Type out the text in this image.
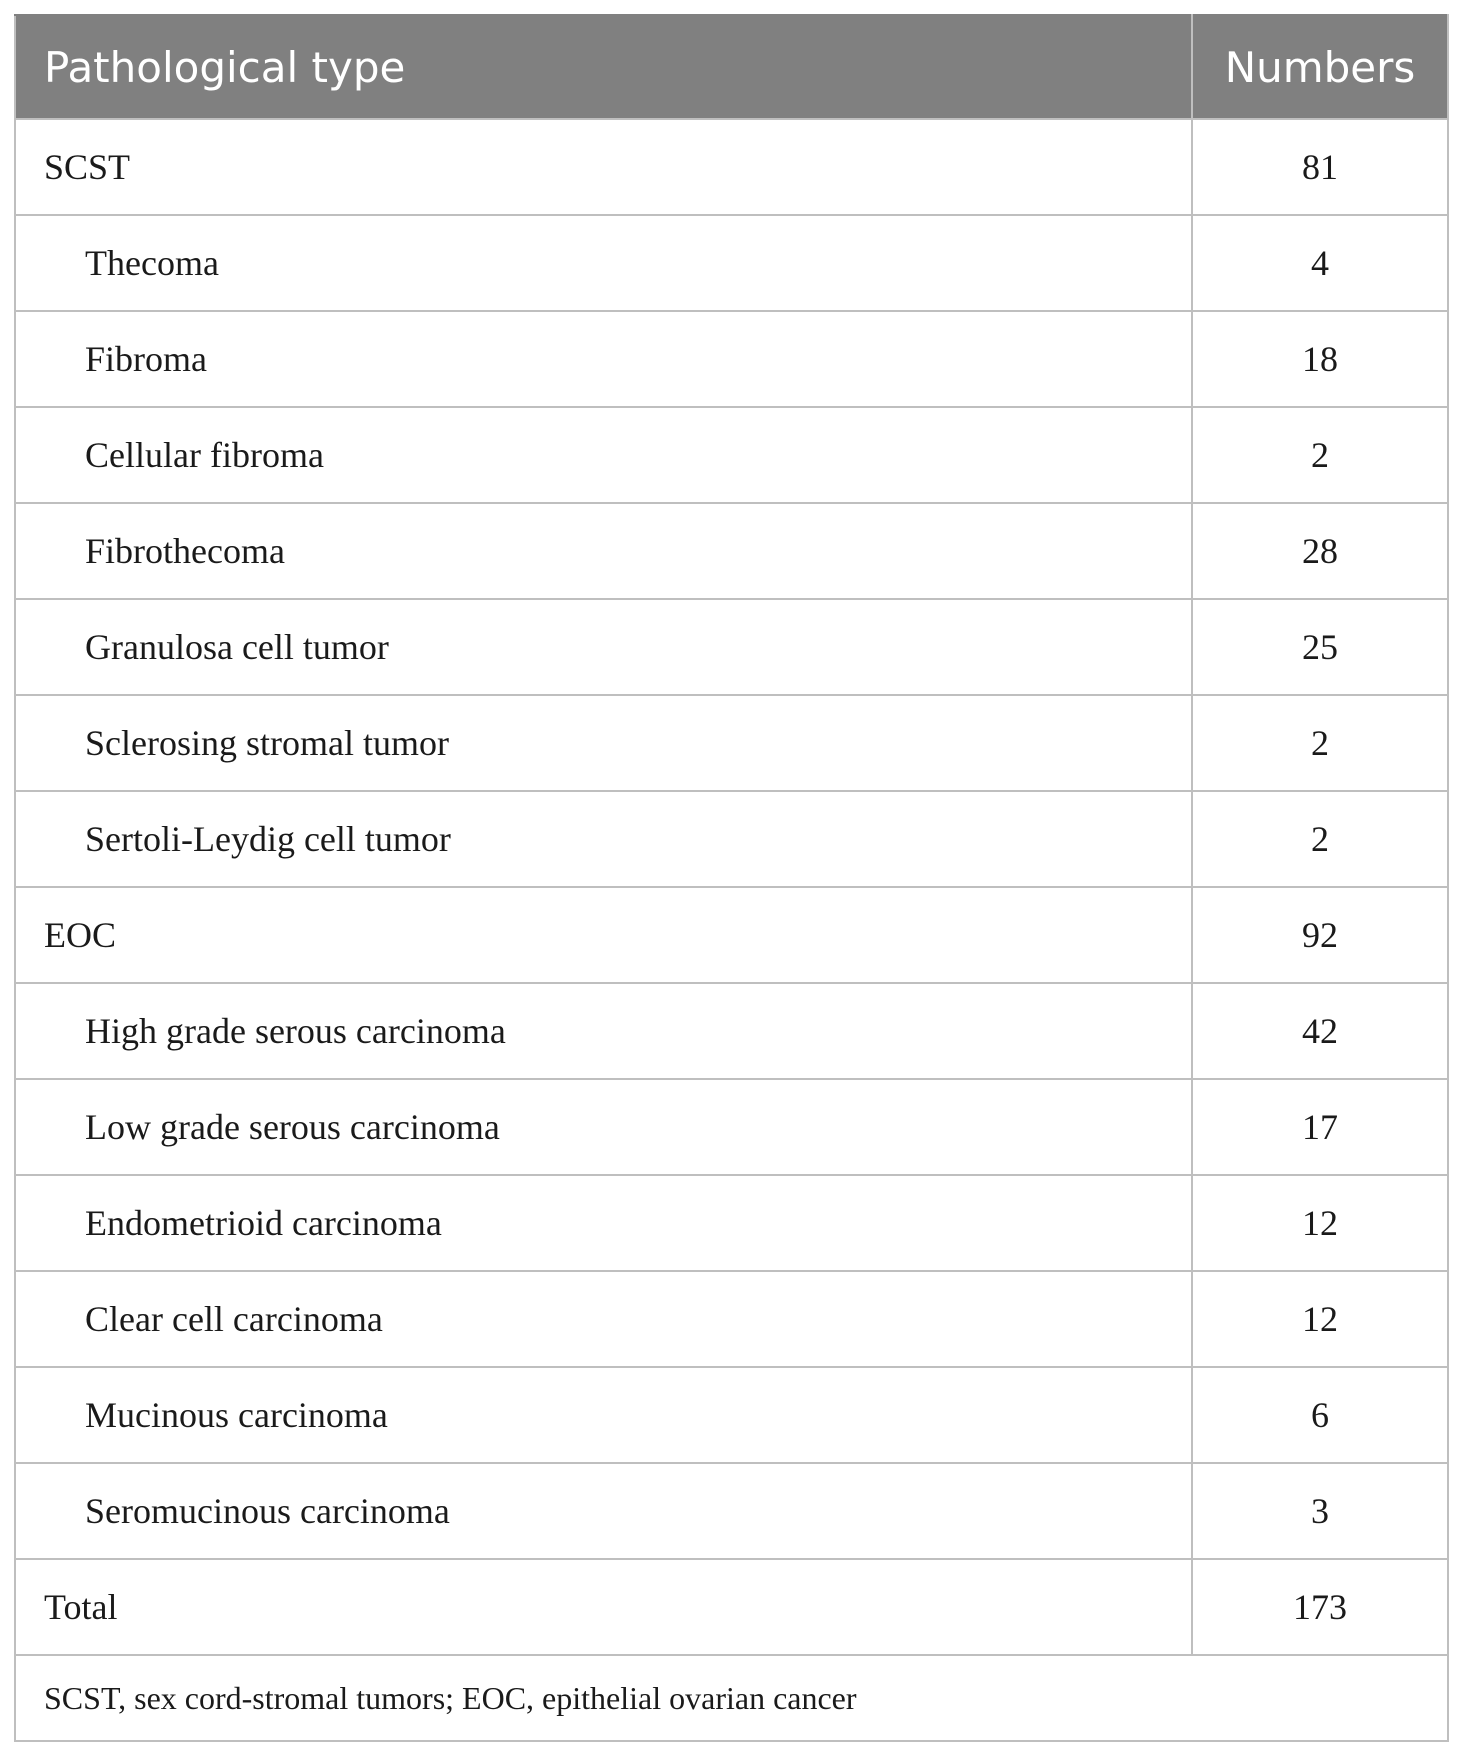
Pathological type	Numbers
SCST	81
Thecoma	4
Fibroma	18
Cellular fibroma	2
Fibrothecoma	28
Granulosa cell tumor	25
Sclerosing stromal tumor	2
Sertoli-Leydig cell tumor	2
EOC	92
High grade serous carcinoma	42
Low grade serous carcinoma	17
Endometrioid carcinoma	12
Clear cell carcinoma	12
Mucinous carcinoma	6
Seromucinous carcinoma	3
Total	173
SCST, sex cord-stromal tumors; EOC, epithelial ovarian cancer	
